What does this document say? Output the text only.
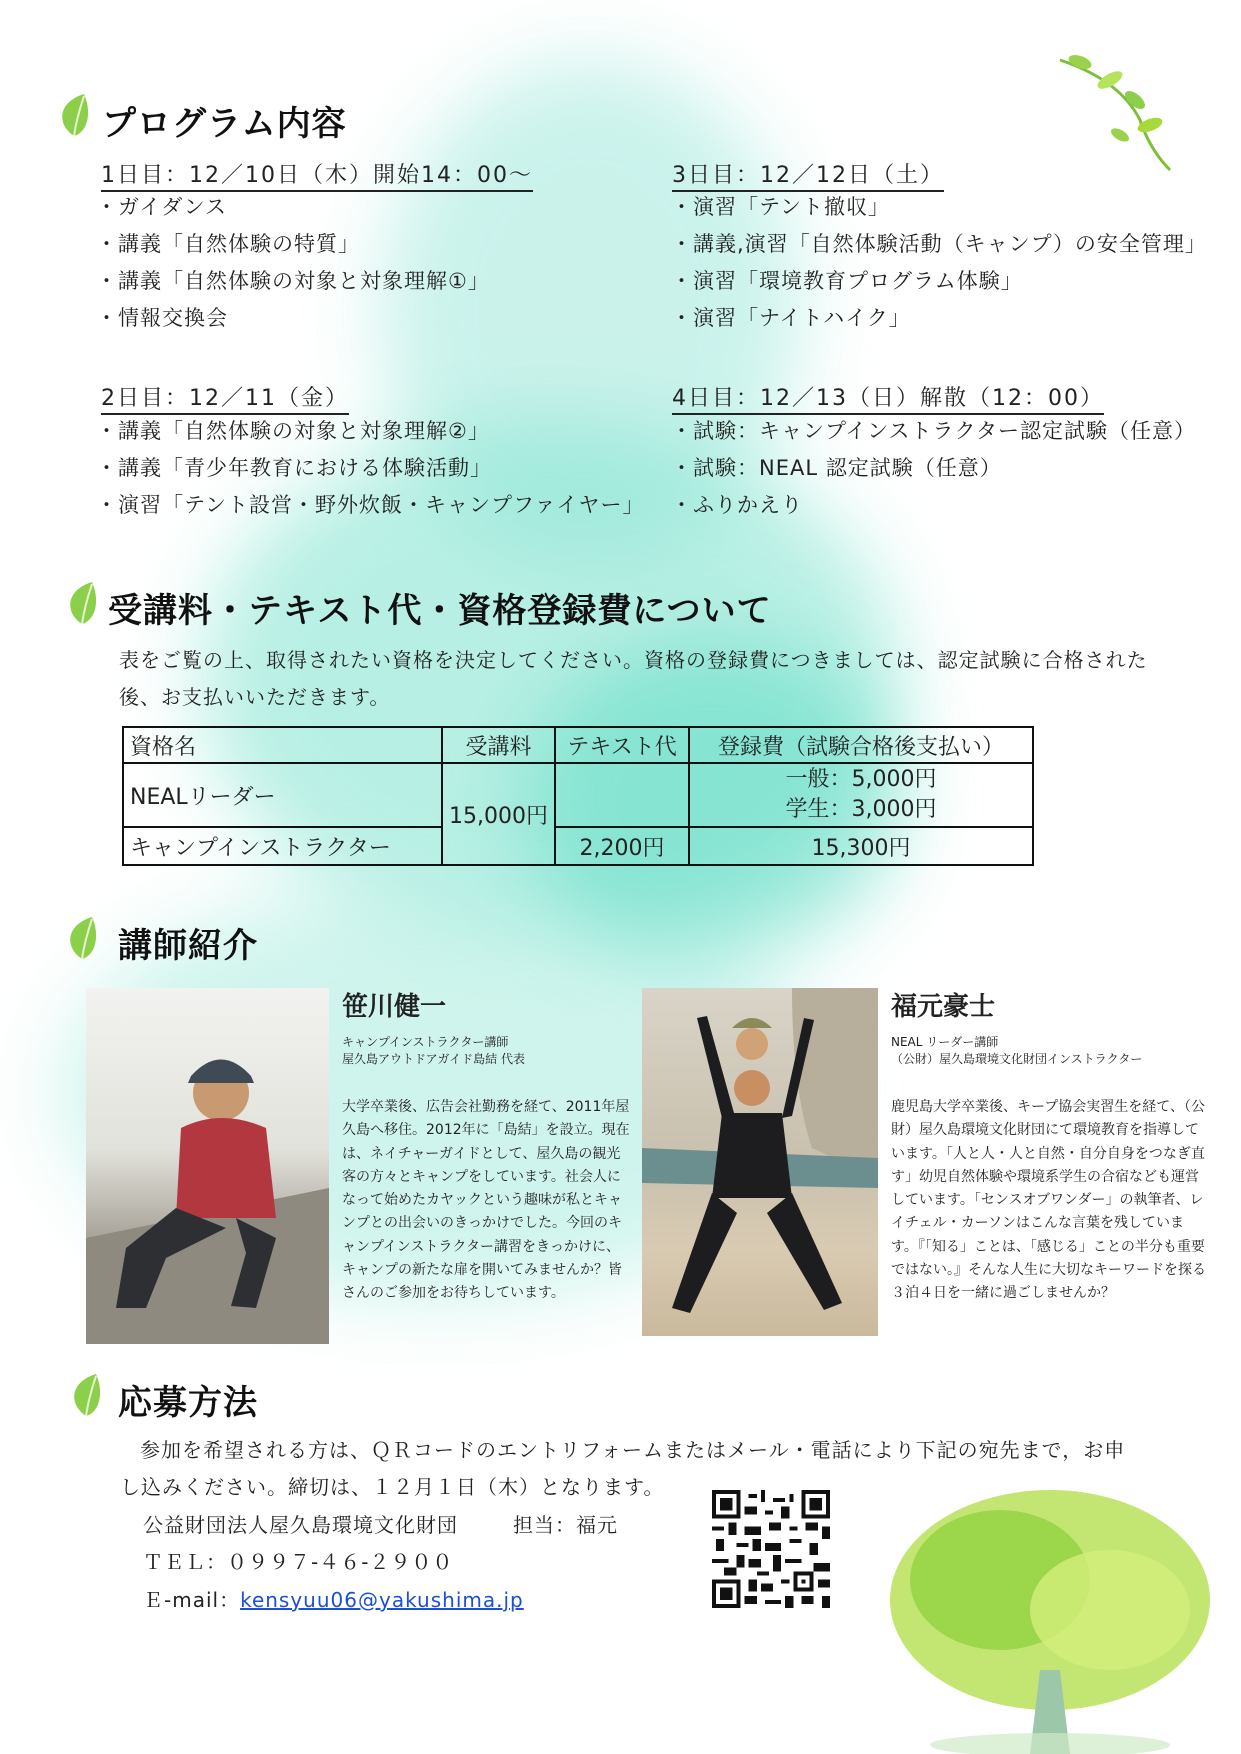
プログラム内容
1日目：12／10日（木）開始14：00～
・ガイダンス
・講義「自然体験の特質」
・講義「自然体験の対象と対象理解①」
・情報交換会
2日目：12／11（金）
・講義「自然体験の対象と対象理解②」
・講義「青少年教育における体験活動」
・演習「テント設営・野外炊飯・キャンプファイヤー」
3日目：12／12日（土）
・演習「テント撤収」
・講義,演習「自然体験活動（キャンプ）の安全管理」
・演習「環境教育プログラム体験」
・演習「ナイトハイク」
4日目：12／13（日）解散（12：00）
・試験：キャンプインストラクター認定試験（任意）
・試験：NEAL 認定試験（任意）
・ふりかえり
受講料・テキスト代・資格登録費について
表をご覧の上、取得されたい資格を決定してください。資格の登録費につきましては、認定試験に合格された後、お支払いいただきます。
資格名	受講料	テキスト代	登録費（試験合格後支払い）
NEALリーダー	15,000円		一般：5,000円
学生：3,000円

キャンプインストラクター		2,200円	15,300円
講師紹介
笹川健一
キャンプインストラクター講師
屋久島アウトドアガイド島結 代表
大学卒業後、広告会社勤務を経て、2011年屋久島へ移住。2012年に「島結」を設立。現在は、ネイチャーガイドとして、屋久島の観光客の方々とキャンプをしています。社会人になって始めたカヤックという趣味が私とキャンプとの出会いのきっかけでした。今回のキャンプインストラクター講習をきっかけに、キャンプの新たな扉を開いてみませんか？皆さんのご参加をお待ちしています。
福元豪士
NEAL リーダー講師
（公財）屋久島環境文化財団インストラクター
鹿児島大学卒業後、キープ協会実習生を経て、（公財）屋久島環境文化財団にて環境教育を指導しています。「人と人・人と自然・自分自身をつなぎ直す」幼児自然体験や環境系学生の合宿なども運営しています。「センスオブワンダー」の執筆者、レイチェル・カーソンはこんな言葉を残しています。『「知る」ことは、「感じる」ことの半分も重要ではない。』そんな人生に大切なキーワードを探る３泊４日を一緒に過ごしませんか？
応募方法
参加を希望される方は、ＱＲコードのエントリフォームまたはメール・電話により下記の宛先まで，お申
し込みください。締切は、１２月１日（木）となります。
公益財団法人屋久島環境文化財団	担当：福元
ＴＥＬ：０９９７-４６-２９００
Ｅ-mail：kensyuu06@yakushima.jp
